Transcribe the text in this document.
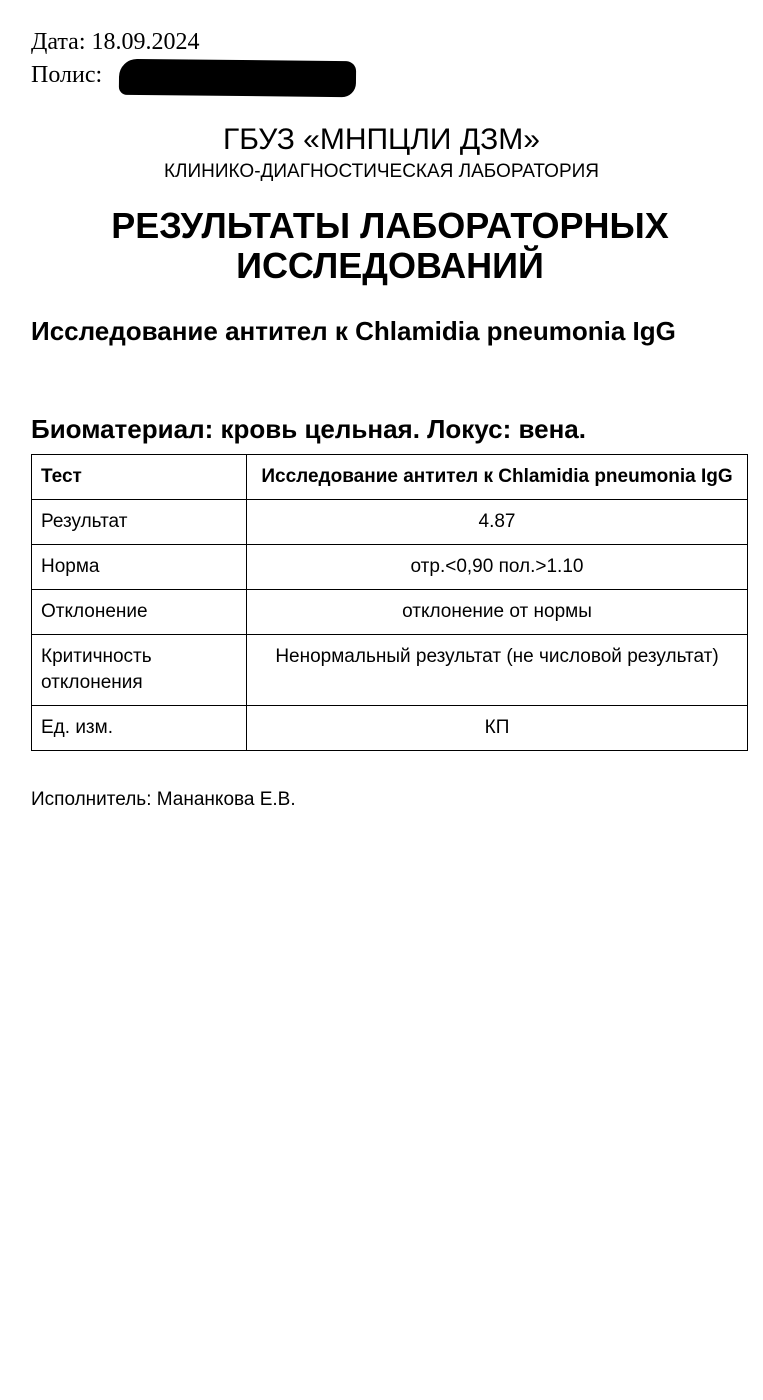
Дата: 18.09.2024
Полис:
ГБУЗ «МНПЦЛИ ДЗМ»
КЛИНИКО-ДИАГНОСТИЧЕСКАЯ ЛАБОРАТОРИЯ
РЕЗУЛЬТАТЫ ЛАБОРАТОРНЫХ ИССЛЕДОВАНИЙ
Исследование антител к Chlamidia pneumonia IgG
Биоматериал: кровь цельная. Локус: вена.
Тест	Исследование антител к Chlamidia pneumonia IgG
Результат	4.87
Норма	отр.<0,90 пол.>1.10
Отклонение	отклонение от нормы
Критичность отклонения	Ненормальный результат (не числовой результат)
Ед. изм.	КП
Исполнитель: Мананкова Е.В.
